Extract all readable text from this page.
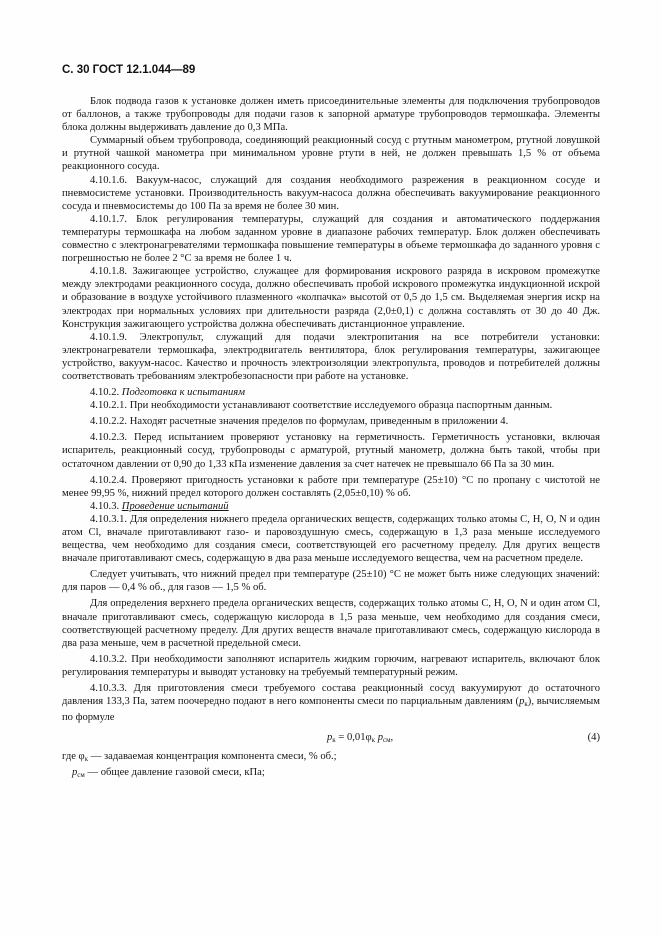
С. 30 ГОСТ 12.1.044—89

Блок подвода газов к установке должен иметь присоединительные элементы для подключения трубопроводов от баллонов, а также трубопроводы для подачи газов к запорной арматуре трубопроводов термошкафа. Элементы блока должны выдерживать давление до 0,3 МПа.

Суммарный объем трубопровода, соединяющий реакционный сосуд с ртутным манометром, ртутной ловушкой и ртутной чашкой манометра при минимальном уровне ртути в ней, не должен превышать 1,5 % от объема реакционного сосуда.

4.10.1.6. Вакуум-насос, служащий для создания необходимого разрежения в реакционном сосуде и пневмосистеме установки. Производительность вакуум-насоса должна обеспечивать вакуумирование реакционного сосуда и пневмосистемы до 100 Па за время не более 30 мин.

4.10.1.7. Блок регулирования температуры, служащий для создания и автоматического поддержания температуры термошкафа на любом заданном уровне в диапазоне рабочих температур. Блок должен обеспечивать совместно с электронагревателями термошкафа повышение температуры в объеме термошкафа до заданного уровня с погрешностью не более 2 °С за время не более 1 ч.

4.10.1.8. Зажигающее устройство, служащее для формирования искрового разряда в искровом промежутке между электродами реакционного сосуда, должно обеспечивать пробой искрового промежутка индукционной искрой и образование в воздухе устойчивого плазменного «колпачка» высотой от 0,5 до 1,5 см. Выделяемая энергия искр на электродах при нормальных условиях при длительности разряда (2,0±0,1) с должна составлять от 30 до 40 Дж. Конструкция зажигающего устройства должна обеспечивать дистанционное управление.

4.10.1.9. Электропульт, служащий для подачи электропитания на все потребители установки: электронагреватели термошкафа, электродвигатель вентилятора, блок регулирования температуры, зажигающее устройство, вакуум-насос. Качество и прочность электроизоляции электропульта, проводов и потребителей должны соответствовать требованиям электробезопасности при работе на установке.

4.10.2. Подготовка к испытаниям

4.10.2.1. При необходимости устанавливают соответствие исследуемого образца паспортным данным.

4.10.2.2. Находят расчетные значения пределов по формулам, приведенным в приложении 4.

4.10.2.3. Перед испытанием проверяют установку на герметичность. Герметичность установки, включая испаритель, реакционный сосуд, трубопроводы с арматурой, ртутный манометр, должна быть такой, чтобы при остаточном давлении от 0,90 до 1,33 кПа изменение давления за счет натечек не превышало 66 Па за 30 мин.

4.10.2.4. Проверяют пригодность установки к работе при температуре (25±10) °С по пропану с чистотой не менее 99,95 %, нижний предел которого должен составлять (2,05±0,10) % об.

4.10.3. Проведение испытаний

4.10.3.1. Для определения нижнего предела органических веществ, содержащих только атомы С, Н, О, N и один атом Cl, вначале приготавливают газо- и паровоздушную смесь, содержащую в 1,3 раза меньше исследуемого вещества, чем необходимо для создания смеси, соответствующей его расчетному пределу. Для других веществ вначале приготавливают смесь, содержащую в два раза меньше исследуемого вещества, чем на расчетном пределе.

Следует учитывать, что нижний предел при температуре (25±10) °С не может быть ниже следующих значений: для паров — 0,4 % об., для газов — 1,5 % об.

Для определения верхнего предела органических веществ, содержащих только атомы С, Н, О, N и один атом Cl, вначале приготавливают смесь, содержащую кислорода в 1,5 раза меньше, чем необходимо для создания смеси, соответствующей расчетному пределу. Для других веществ вначале приготавливают смесь, содержащую кислорода в два раза меньше, чем в расчетной предельной смеси.

4.10.3.2. При необходимости заполняют испаритель жидким горючим, нагревают испаритель, включают блок регулирования температуры и выводят установку на требуемый температурный режим.

4.10.3.3. Для приготовления смеси требуемого состава реакционный сосуд вакуумируют до остаточного давления 133,3 Па, затем поочередно подают в него компоненты смеси по парциальным давлениям $(p_к)$, вычисляемым по формуле

$p_к = 0,01\varphi_к$ $p_{см}$,	(4)
где $\varphi_к$ — задаваемая концентрация компонента смеси, % об.;
$p_{см}$ — общее давление газовой смеси, кПа;
